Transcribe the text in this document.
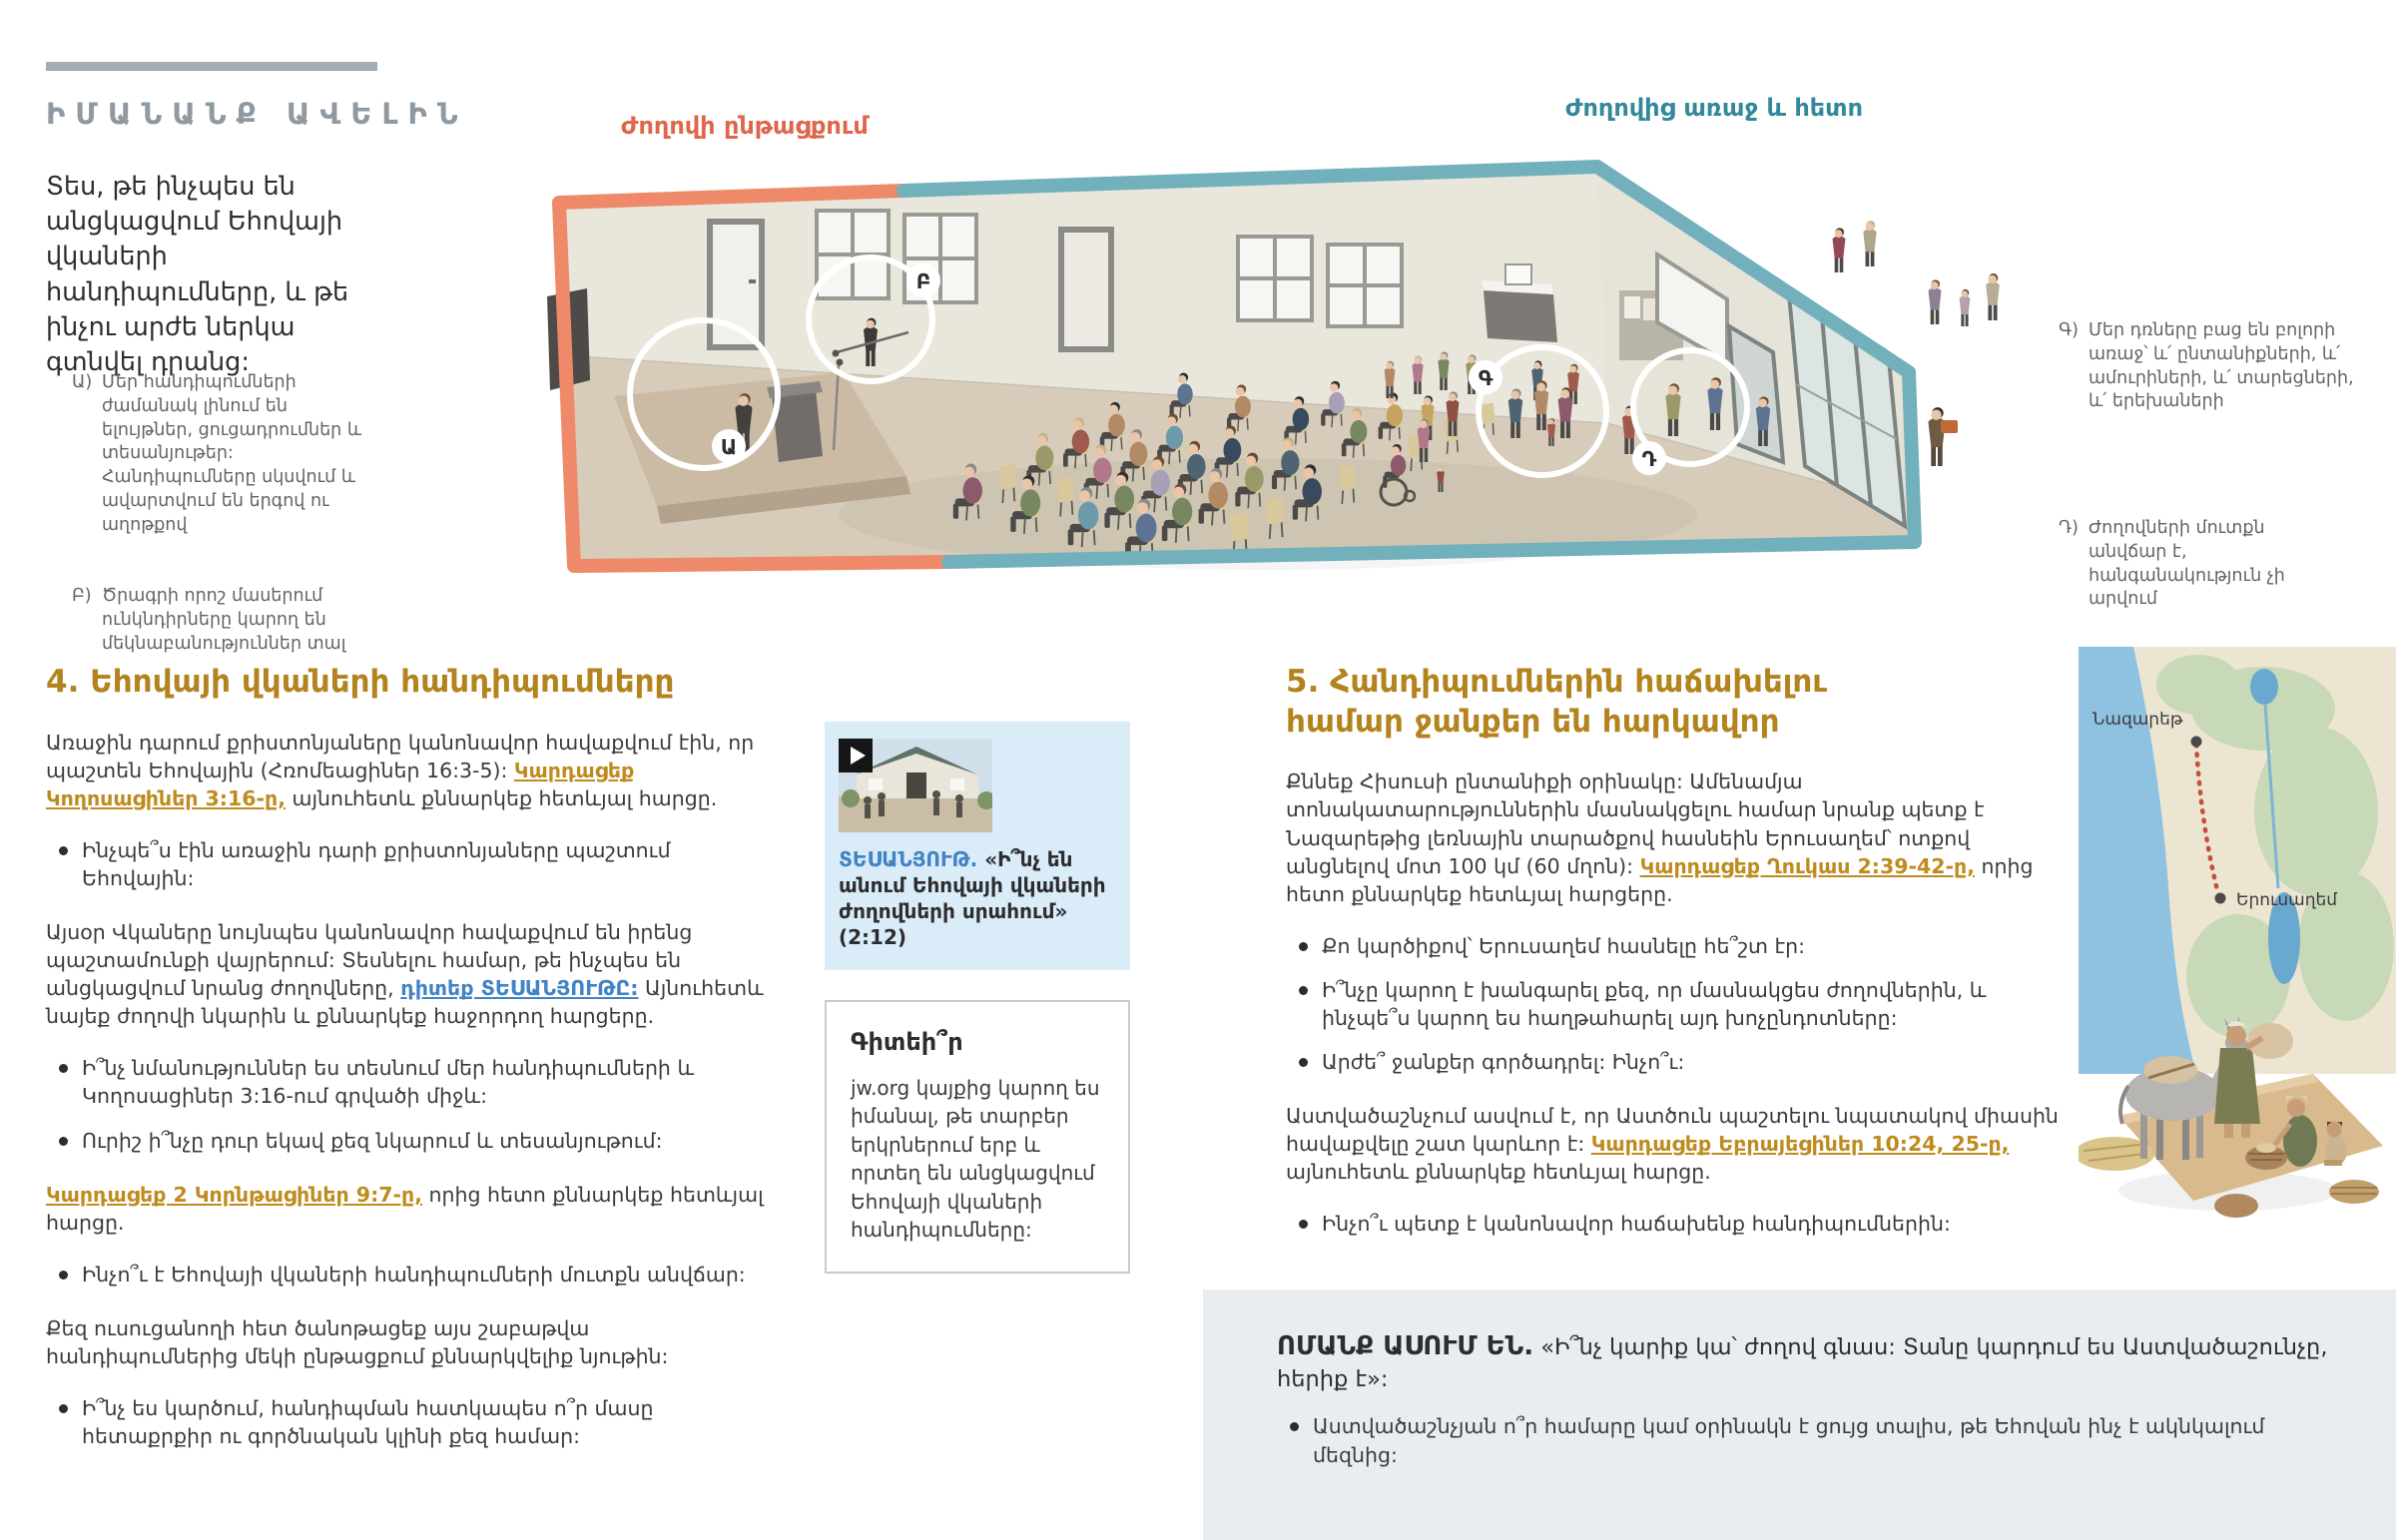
ԻՄԱՆԱՆՔ ԱՎԵԼԻՆ
Տես, թե ինչպես են անցկացվում Եհովայի վկաների հանդիպումները, և թե ինչու արժե ներկա գտնվել դրանց:
Ա) Մեր հանդիպումների ժամանակ լինում են ելույթներ, ցուցադրումներ և տեսանյութեր: Հանդիպումները սկսվում և ավարտվում են երգով ու աղոթքով
Բ) Ծրագրի որոշ մասերում ունկնդիրները կարող են մեկնաբանություններ տալ
Գ) Մեր դռները բաց են բոլորի առաջ՝ և՛ ընտանիքների, և՛ ամուրիների, և՛ տարեցների, և՛ երեխաների
Դ) Ժողովների մուտքն անվճար է, հանգանակություն չի արվում
Ժողովի ընթացքում
Ժողովից առաջ և հետո
Ա
Բ
Գ
Դ
4. Եհովայի վկաների հանդիպումները

Առաջին դարում քրիստոնյաները կանոնավոր հավաքվում էին, որ պաշտեն Եհովային (Հռոմեացիներ 16:3-5): Կարդացեք Կողոսացիներ 3:16-ը, այնուհետև քննարկեք հետևյալ հարցը.

Ինչպե՞ս էին առաջին դարի քրիստոնյաները պաշտում Եհովային:

Այսօր Վկաները նույնպես կանոնավոր հավաքվում են իրենց պաշտամունքի վայրերում: Տեսնելու համար, թե ինչպես են անցկացվում նրանց ժողովները, դիտեք ՏԵՍԱՆՅՈՒԹԸ: Այնուհետև նայեք ժողովի նկարին և քննարկեք հաջորդող հարցերը.

Ի՞նչ նմանություններ ես տեսնում մեր հանդիպումների և Կողոսացիներ 3:16-ում գրվածի միջև:
Ուրիշ ի՞նչը դուր եկավ քեզ նկարում և տեսանյութում:

Կարդացեք 2 Կորնթացիներ 9:7-ը, որից հետո քննարկեք հետևյալ հարցը.

Ինչո՞ւ է Եհովայի վկաների հանդիպումների մուտքն անվճար:

Քեզ ուսուցանողի հետ ծանոթացեք այս շաբաթվա հանդիպումներից մեկի ընթացքում քննարկվելիք նյութին:

Ի՞նչ ես կարծում, հանդիպման հատկապես ո՞ր մասը հետաքրքիր ու գործնական կլինի քեզ համար:
ՏԵՍԱՆՅՈՒԹ. «Ի՞նչ են անում Եհովայի վկաների ժողովների սրահում» (2:12)
Գիտեի՞ր
jw.org կայքից կարող ես իմանալ, թե տարբեր երկրներում երբ և որտեղ են անցկացվում Եհովայի վկաների հանդիպումները:
5. Հանդիպումներին հաճախելու համար ջանքեր են հարկավոր

Քննեք Հիսուսի ընտանիքի օրինակը: Ամենամյա տոնակատարություններին մասնակցելու համար նրանք պետք է Նազարեթից լեռնային տարածքով հասնեին Երուսաղեմ՝ ոտքով անցնելով մոտ 100 կմ (60 մղոն): Կարդացեք Ղուկաս 2:39-42-ը, որից հետո քննարկեք հետևյալ հարցերը.

Քո կարծիքով՝ Երուսաղեմ հասնելը հե՞շտ էր:
Ի՞նչը կարող է խանգարել քեզ, որ մասնակցես ժողովներին, և ինչպե՞ս կարող ես հաղթահարել այդ խոչընդոտները:
Արժե՞ ջանքեր գործադրել: Ինչո՞ւ:

Աստվածաշնչում ասվում է, որ Աստծուն պաշտելու նպատակով միասին հավաքվելը շատ կարևոր է: Կարդացեք Եբրայեցիներ 10:24, 25-ը, այնուհետև քննարկեք հետևյալ հարցը.

Ինչո՞ւ պետք է կանոնավոր հաճախենք հանդիպումներին:
Նազարեթ
Երուսաղեմ
ՈՄԱՆՔ ԱՍՈՒՄ ԵՆ. «Ի՞նչ կարիք կա՝ ժողով գնաս: Տանը կարդում ես Աստվածաշունչը, հերիք է»:
Աստվածաշնչյան ո՞ր համարը կամ օրինակն է ցույց տալիս, թե Եհովան ինչ է ակնկալում մեզնից:
